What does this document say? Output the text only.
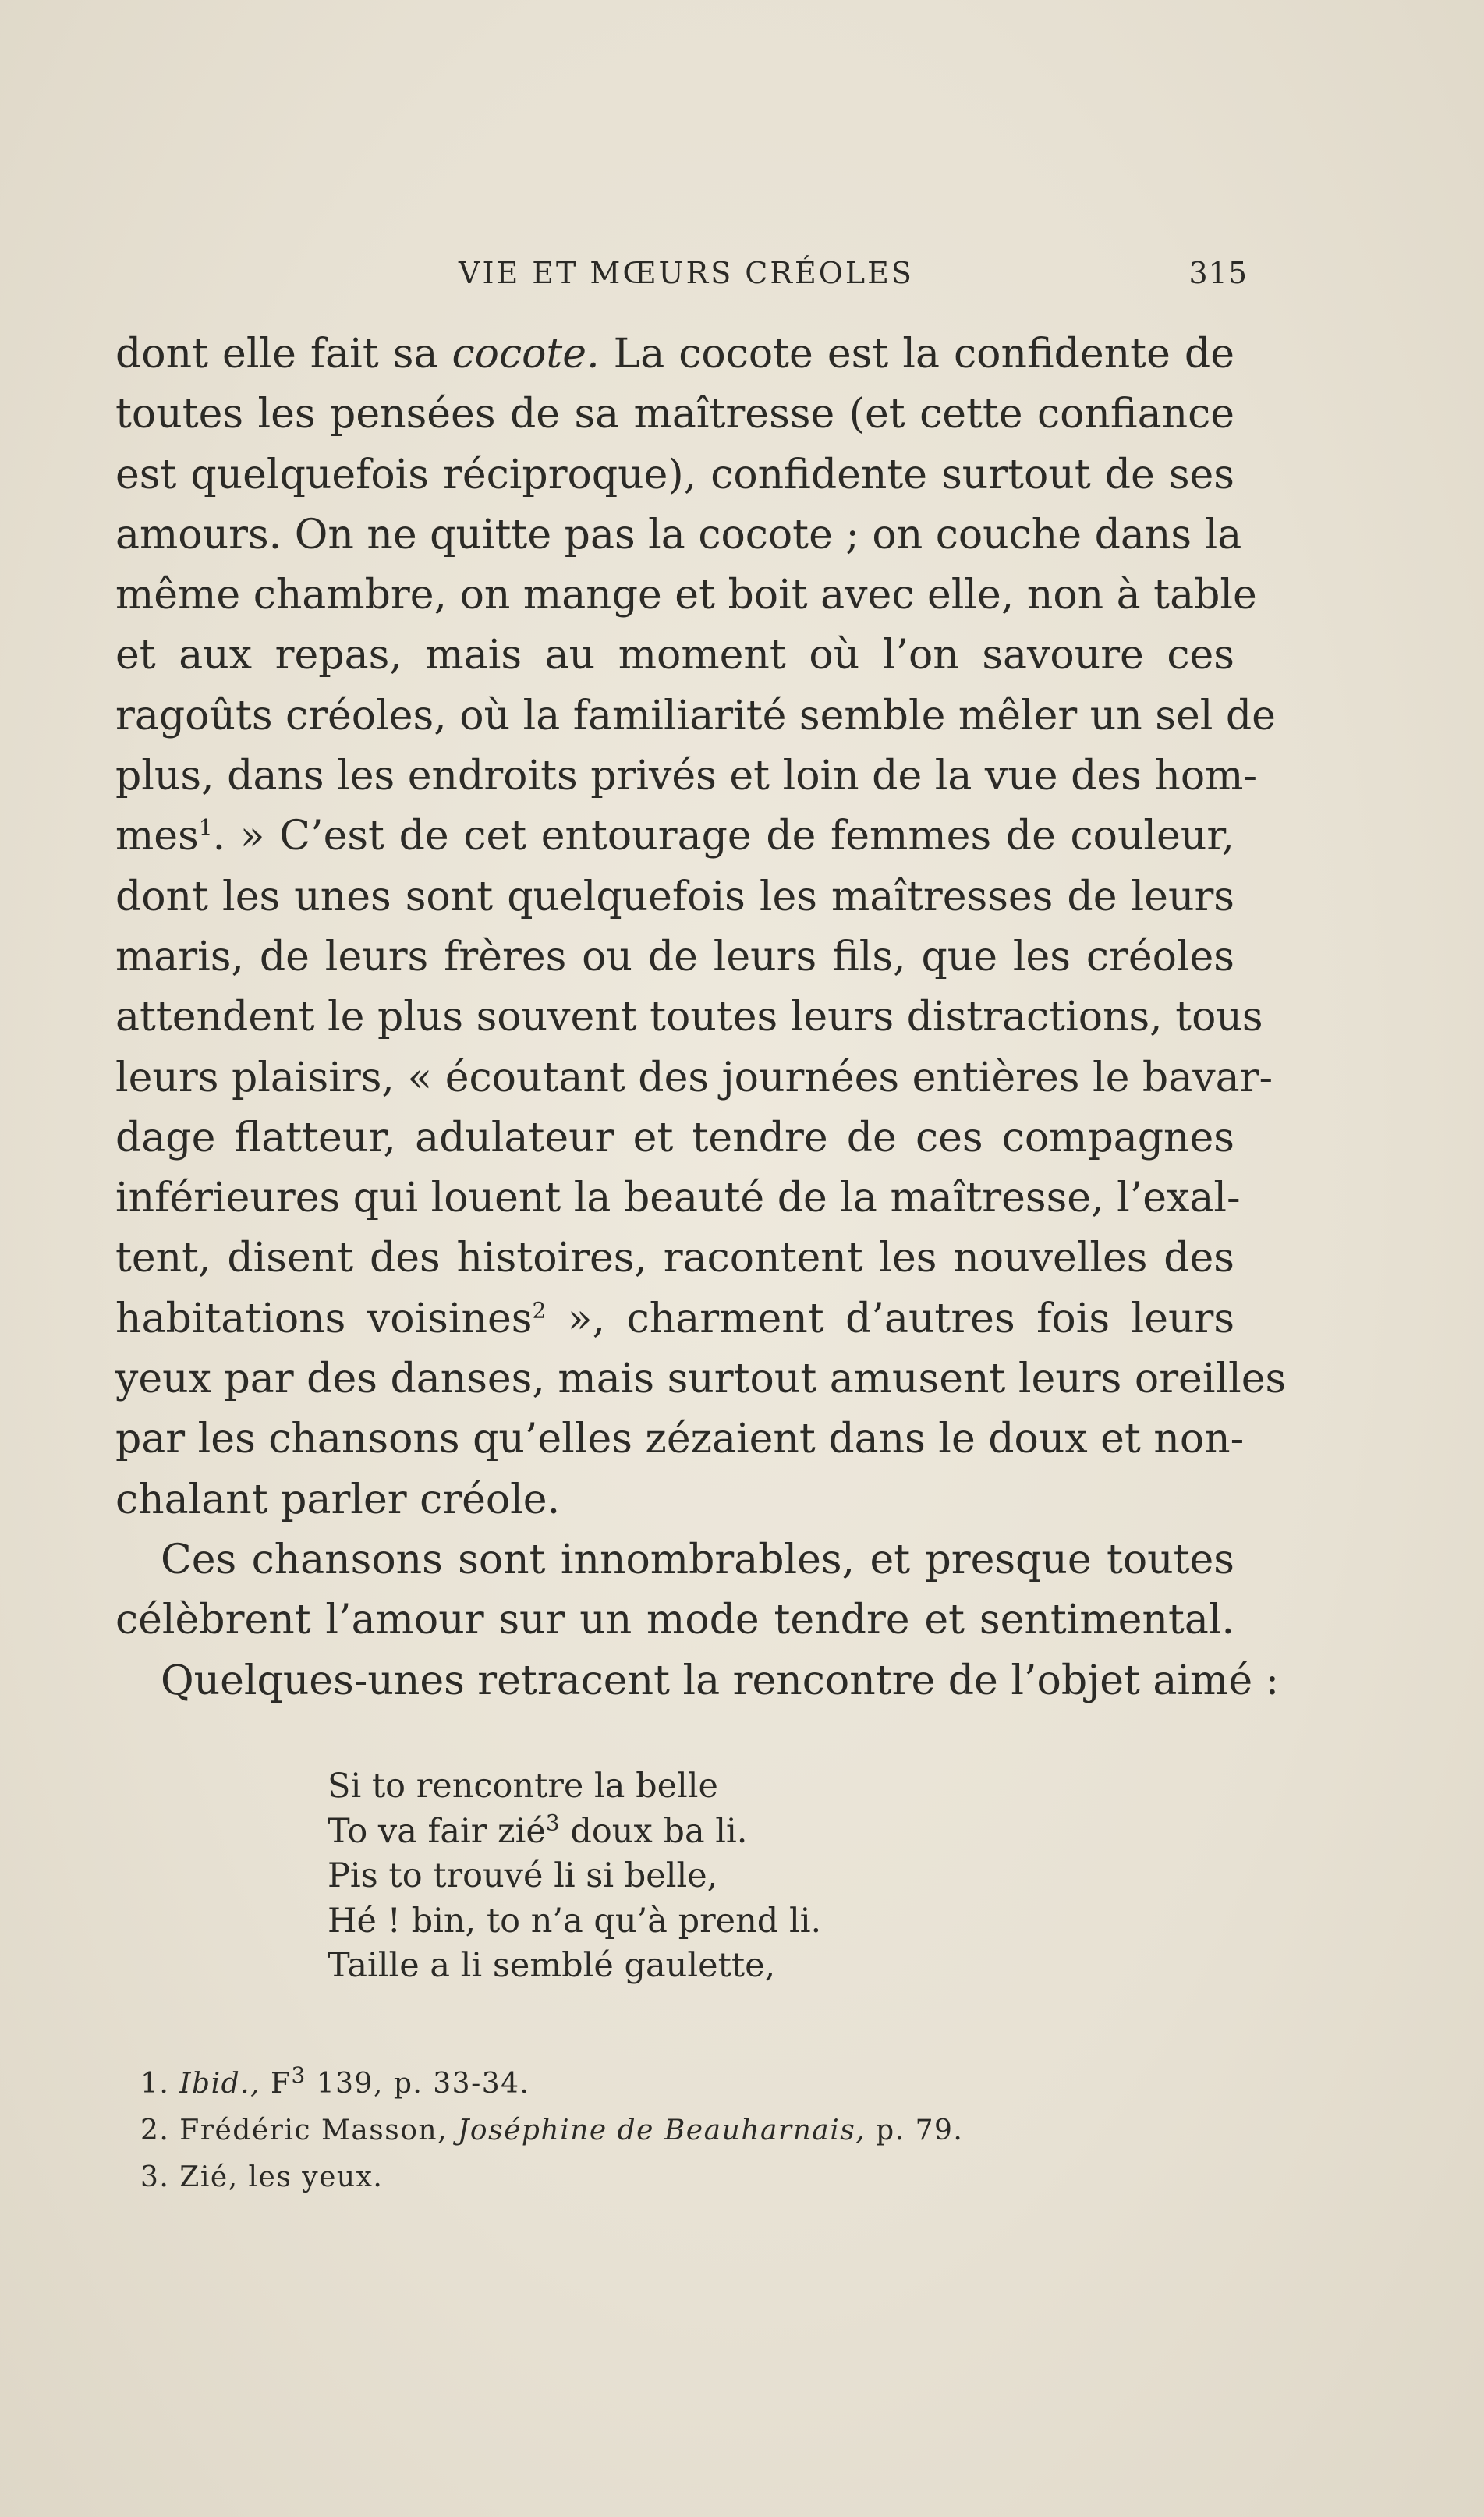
VIE ET MŒURS CRÉOLES	315
dont elle fait sa cocote. La cocote est la confidente de
toutes les pensées de sa maîtresse (et cette confiance
est quelquefois réciproque), confidente surtout de ses
amours. On ne quitte pas la cocote ; on couche dans la
même chambre, on mange et boit avec elle, non à table
et aux repas, mais au moment où l’on savoure ces
ragoûts créoles, où la familiarité semble mêler un sel de
plus, dans les endroits privés et loin de la vue des hom-
mes$^1$. » C’est de cet entourage de femmes de couleur,
dont les unes sont quelquefois les maîtresses de leurs
maris, de leurs frères ou de leurs fils, que les créoles
attendent le plus souvent toutes leurs distractions, tous
leurs plaisirs, « écoutant des journées entières le bavar-
dage flatteur, adulateur et tendre de ces compagnes
inférieures qui louent la beauté de la maîtresse, l’exal-
tent, disent des histoires, racontent les nouvelles des
habitations voisines$^2$ », charment d’autres fois leurs
yeux par des danses, mais surtout amusent leurs oreilles
par les chansons qu’elles zézaient dans le doux et non-
chalant parler créole.
Ces chansons sont innombrables, et presque toutes
célèbrent l’amour sur un mode tendre et sentimental.
Quelques-unes retracent la rencontre de l’objet aimé :
Si to rencontre la belle
To va fair zié$^3$ doux ba li.
Pis to trouvé li si belle,
Hé ! bin, to n’a qu’à prend li.
Taille a li semblé gaulette,
1. Ibid., $F^3$ 139, p. 33-34.
2. Frédéric Masson, Joséphine de Beauharnais, p. 79.
3. Zié, les yeux.
